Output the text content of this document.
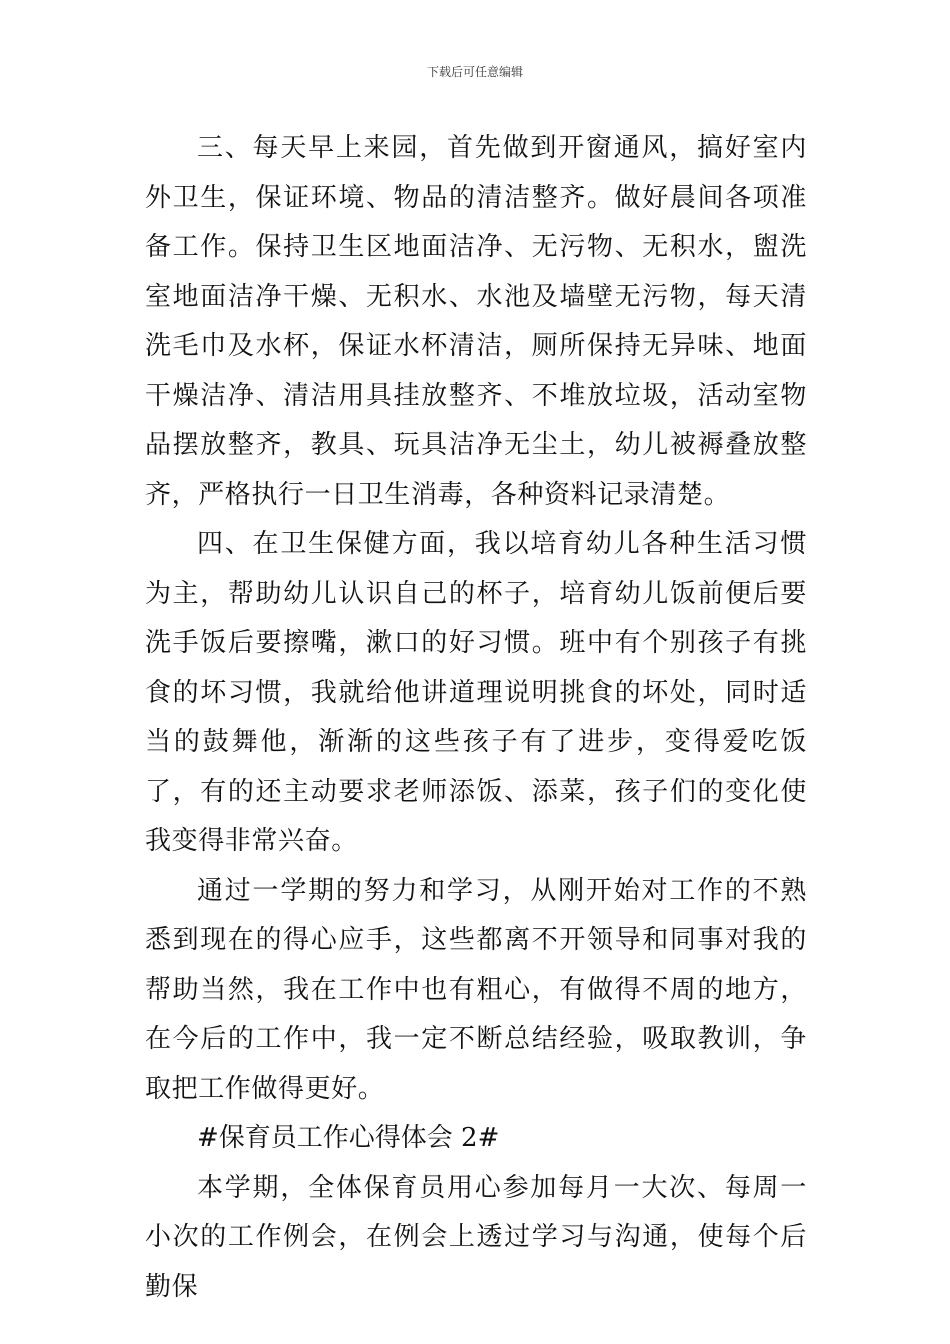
下载后可任意编辑

三、每天早上来园，首先做到开窗通风，搞好室内外卫生，保证环境、物品的清洁整齐。做好晨间各项准备工作。保持卫生区地面洁净、无污物、无积水，盥洗室地面洁净干燥、无积水、水池及墙壁无污物，每天清洗毛巾及水杯，保证水杯清洁，厕所保持无异味、地面干燥洁净、清洁用具挂放整齐、不堆放垃圾，活动室物品摆放整齐，教具、玩具洁净无尘土，幼儿被褥叠放整齐，严格执行一日卫生消毒，各种资料记录清楚。

四、在卫生保健方面，我以培育幼儿各种生活习惯为主，帮助幼儿认识自己的杯子，培育幼儿饭前便后要洗手饭后要擦嘴，漱口的好习惯。班中有个别孩子有挑食的坏习惯，我就给他讲道理说明挑食的坏处，同时适当的鼓舞他，渐渐的这些孩子有了进步，变得爱吃饭了，有的还主动要求老师添饭、添菜，孩子们的变化使我变得非常兴奋。

通过一学期的努力和学习，从刚开始对工作的不熟悉到现在的得心应手，这些都离不开领导和同事对我的帮助当然，我在工作中也有粗心，有做得不周的地方，在今后的工作中，我一定不断总结经验，吸取教训，争取把工作做得更好。

#保育员工作心得体会 2#

本学期，全体保育员用心参加每月一大次、每周一小次的工作例会，在例会上透过学习与沟通，使每个后勤保
